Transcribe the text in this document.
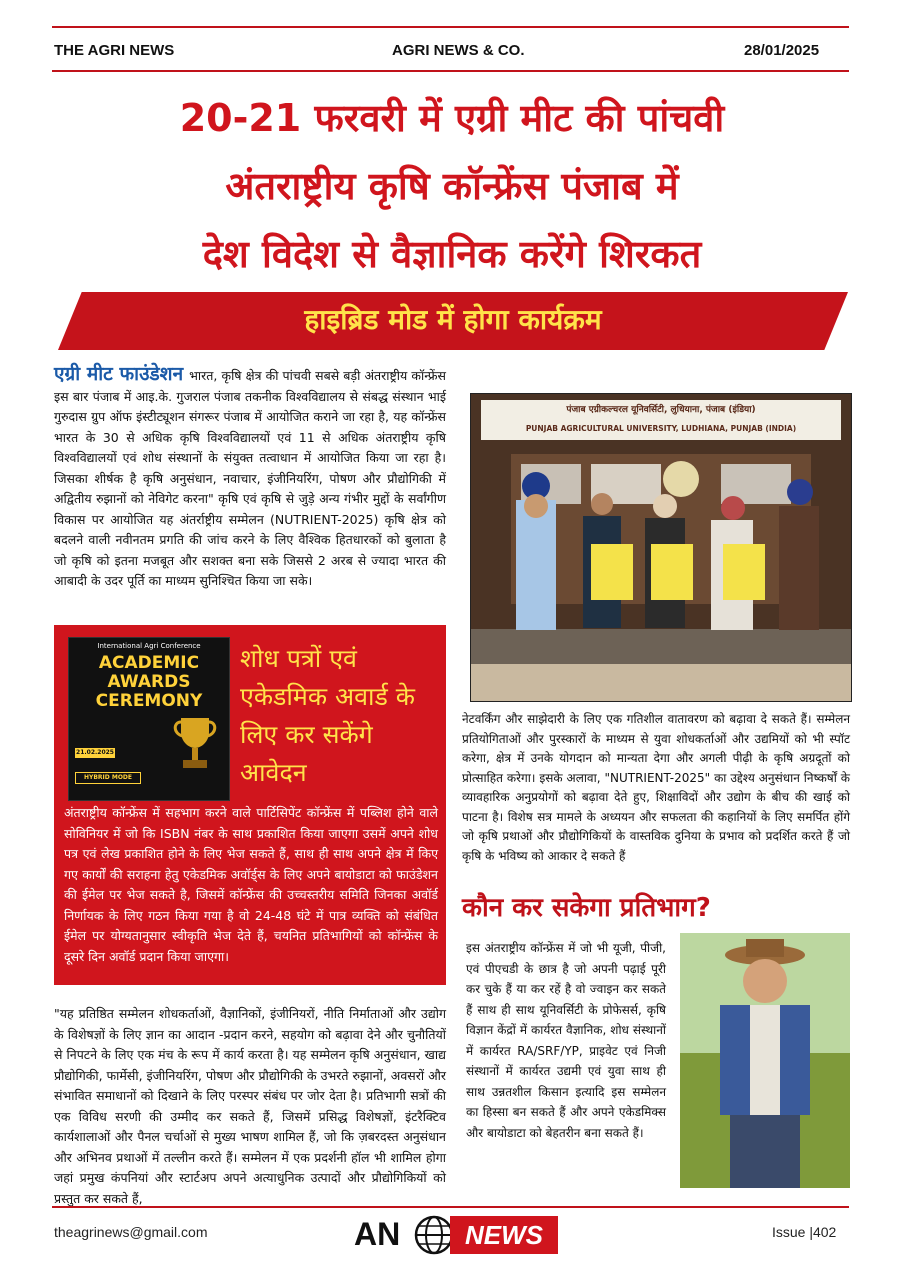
THE AGRI NEWS	AGRI NEWS & CO.	28/01/2025
20-21 फरवरी में एग्री मीट की पांचवी
अंतराष्ट्रीय कृषि कॉन्फ्रेंस पंजाब में
देश विदेश से वैज्ञानिक करेंगे शिरकत
हाइब्रिड मोड में होगा कार्यक्रम
एग्री मीट फाउंडेशन भारत, कृषि क्षेत्र की पांचवी सबसे बड़ी अंतराष्ट्रीय कॉन्फ्रेंस इस बार पंजाब में आइ.के. गुजराल पंजाब तकनीक विश्वविद्यालय से संबद्ध संस्थान भाई गुरुदास ग्रुप ऑफ इंस्टीट्यूशन संगरूर पंजाब में आयोजित कराने जा रहा है, यह कॉन्फ्रेंस भारत के 30 से अधिक कृषि विश्वविद्यालयों एवं 11 से अधिक अंतराष्ट्रीय कृषि विश्वविद्यालयों एवं शोध संस्थानों के संयुक्त तत्वाधान में आयोजित किया जा रहा है। जिसका शीर्षक है कृषि अनुसंधान, नवाचार, इंजीनियरिंग, पोषण और प्रौद्योगिकी में अद्वितीय रुझानों को नेविगेट करना" कृषि एवं कृषि से जुड़े अन्य गंभीर मुद्दों के सर्वांगीण विकास पर आयोजित यह अंतर्राष्ट्रीय सम्मेलन (NUTRIENT-2025) कृषि क्षेत्र को बदलने वाली नवीनतम प्रगति की जांच करने के लिए वैश्विक हितधारकों को बुलाता है जो कृषि को इतना मजबूत और सशक्त बना सके जिससे 2 अरब से ज्यादा भारत की आबादी के उदर पूर्ति का माध्यम सुनिश्चित किया जा सके।
International Agri Conference
ACADEMIC AWARDS CEREMONY
21.02.2025
HYBRID MODE
शोध पत्रों एवं एकेडमिक अवार्ड के लिए कर सकेंगे आवेदन
अंतराष्ट्रीय कॉन्फ्रेंस में सहभाग करने वाले पार्टिसिपेंट कॉन्फ्रेंस में पब्लिश होने वाले सोविनियर में जो कि ISBN नंबर के साथ प्रकाशित किया जाएगा उसमें अपने शोध पत्र एवं लेख प्रकाशित होने के लिए भेज सकते हैं, साथ ही साथ अपने क्षेत्र में किए गए कार्यों की सराहना हेतु एकेडमिक अवॉर्ड्स के लिए अपने बायोडाटा को फाउंडेशन की ईमेल पर भेज सकते है, जिसमें कॉन्फ्रेंस की उच्चस्तरीय समिति जिनका अवॉर्ड निर्णायक के लिए गठन किया गया है वो 24-48 घंटे में पात्र व्यक्ति को संबंधित ईमेल पर योग्यतानुसार स्वीकृति भेज देते हैं, चयनित प्रतिभागियों को कॉन्फ्रेंस के दूसरे दिन अवॉर्ड प्रदान किया जाएगा।
"यह प्रतिष्ठित सम्मेलन शोधकर्ताओं, वैज्ञानिकों, इंजीनियरों, नीति निर्माताओं और उद्योग के विशेषज्ञों के लिए ज्ञान का आदान -प्रदान करने, सहयोग को बढ़ावा देने और चुनौतियों से निपटने के लिए एक मंच के रूप में कार्य करता है। यह सम्मेलन कृषि अनुसंधान, खाद्य प्रौद्योगिकी, फार्मेसी, इंजीनियरिंग, पोषण और प्रौद्योगिकी के उभरते रुझानों, अवसरों और संभावित समाधानों को दिखाने के लिए परस्पर संबंध पर जोर देता है। प्रतिभागी सत्रों की एक विविध सरणी की उम्मीद कर सकते हैं, जिसमें प्रसिद्ध विशेषज्ञों, इंटरैक्टिव कार्यशालाओं और पैनल चर्चाओं से मुख्य भाषण शामिल हैं, जो कि ज़बरदस्त अनुसंधान और अभिनव प्रथाओं में तल्लीन करते हैं। सम्मेलन में एक प्रदर्शनी हॉल भी शामिल होगा जहां प्रमुख कंपनियां और स्टार्टअप अपने अत्याधुनिक उत्पादों और प्रौद्योगिकियों को प्रस्तुत कर सकते हैं,
पंजाब एग्रीकल्चरल यूनिवर्सिटी, लुधियाना, पंजाब (इंडिया)
PUNJAB AGRICULTURAL UNIVERSITY, LUDHIANA, PUNJAB (INDIA)
नेटवर्किंग और साझेदारी के लिए एक गतिशील वातावरण को बढ़ावा दे सकते हैं। सम्मेलन प्रतियोगिताओं और पुरस्कारों के माध्यम से युवा शोधकर्ताओं और उद्यमियों को भी स्पॉट करेगा, क्षेत्र में उनके योगदान को मान्यता देगा और अगली पीढ़ी के कृषि अग्रदूतों को प्रोत्साहित करेगा। इसके अलावा, "NUTRIENT-2025" का उद्देश्य अनुसंधान निष्कर्षों के व्यावहारिक अनुप्रयोगों को बढ़ावा देते हुए, शिक्षाविदों और उद्योग के बीच की खाई को पाटना है। विशेष सत्र मामले के अध्ययन और सफलता की कहानियों के लिए समर्पित होंगे जो कृषि प्रथाओं और प्रौद्योगिकियों के वास्तविक दुनिया के प्रभाव को प्रदर्शित करते हैं जो कृषि के भविष्य को आकार दे सकते हैं
कौन कर सकेगा प्रतिभाग?
इस अंतराष्ट्रीय कॉन्फ्रेंस में जो भी यूजी, पीजी, एवं पीएचडी के छात्र है जो अपनी पढ़ाई पूरी कर चुके हैं या कर रहें है वो ज्वाइन कर सकते हैं साथ ही साथ यूनिवर्सिटी के प्रोफेसर्स, कृषि विज्ञान केंद्रों में कार्यरत वैज्ञानिक, शोध संस्थानों में कार्यरत RA/SRF/YP, प्राइवेट एवं निजी संस्थानों में कार्यरत उद्यमी एवं युवा साथ ही साथ उन्नतशील किसान इत्यादि इस सम्मेलन का हिस्सा बन सकते हैं और अपने एकेडमिक्स और बायोडाटा को बेहतरीन बना सकते हैं।
theagrinews@gmail.com	AN	NEWS	Issue |402
